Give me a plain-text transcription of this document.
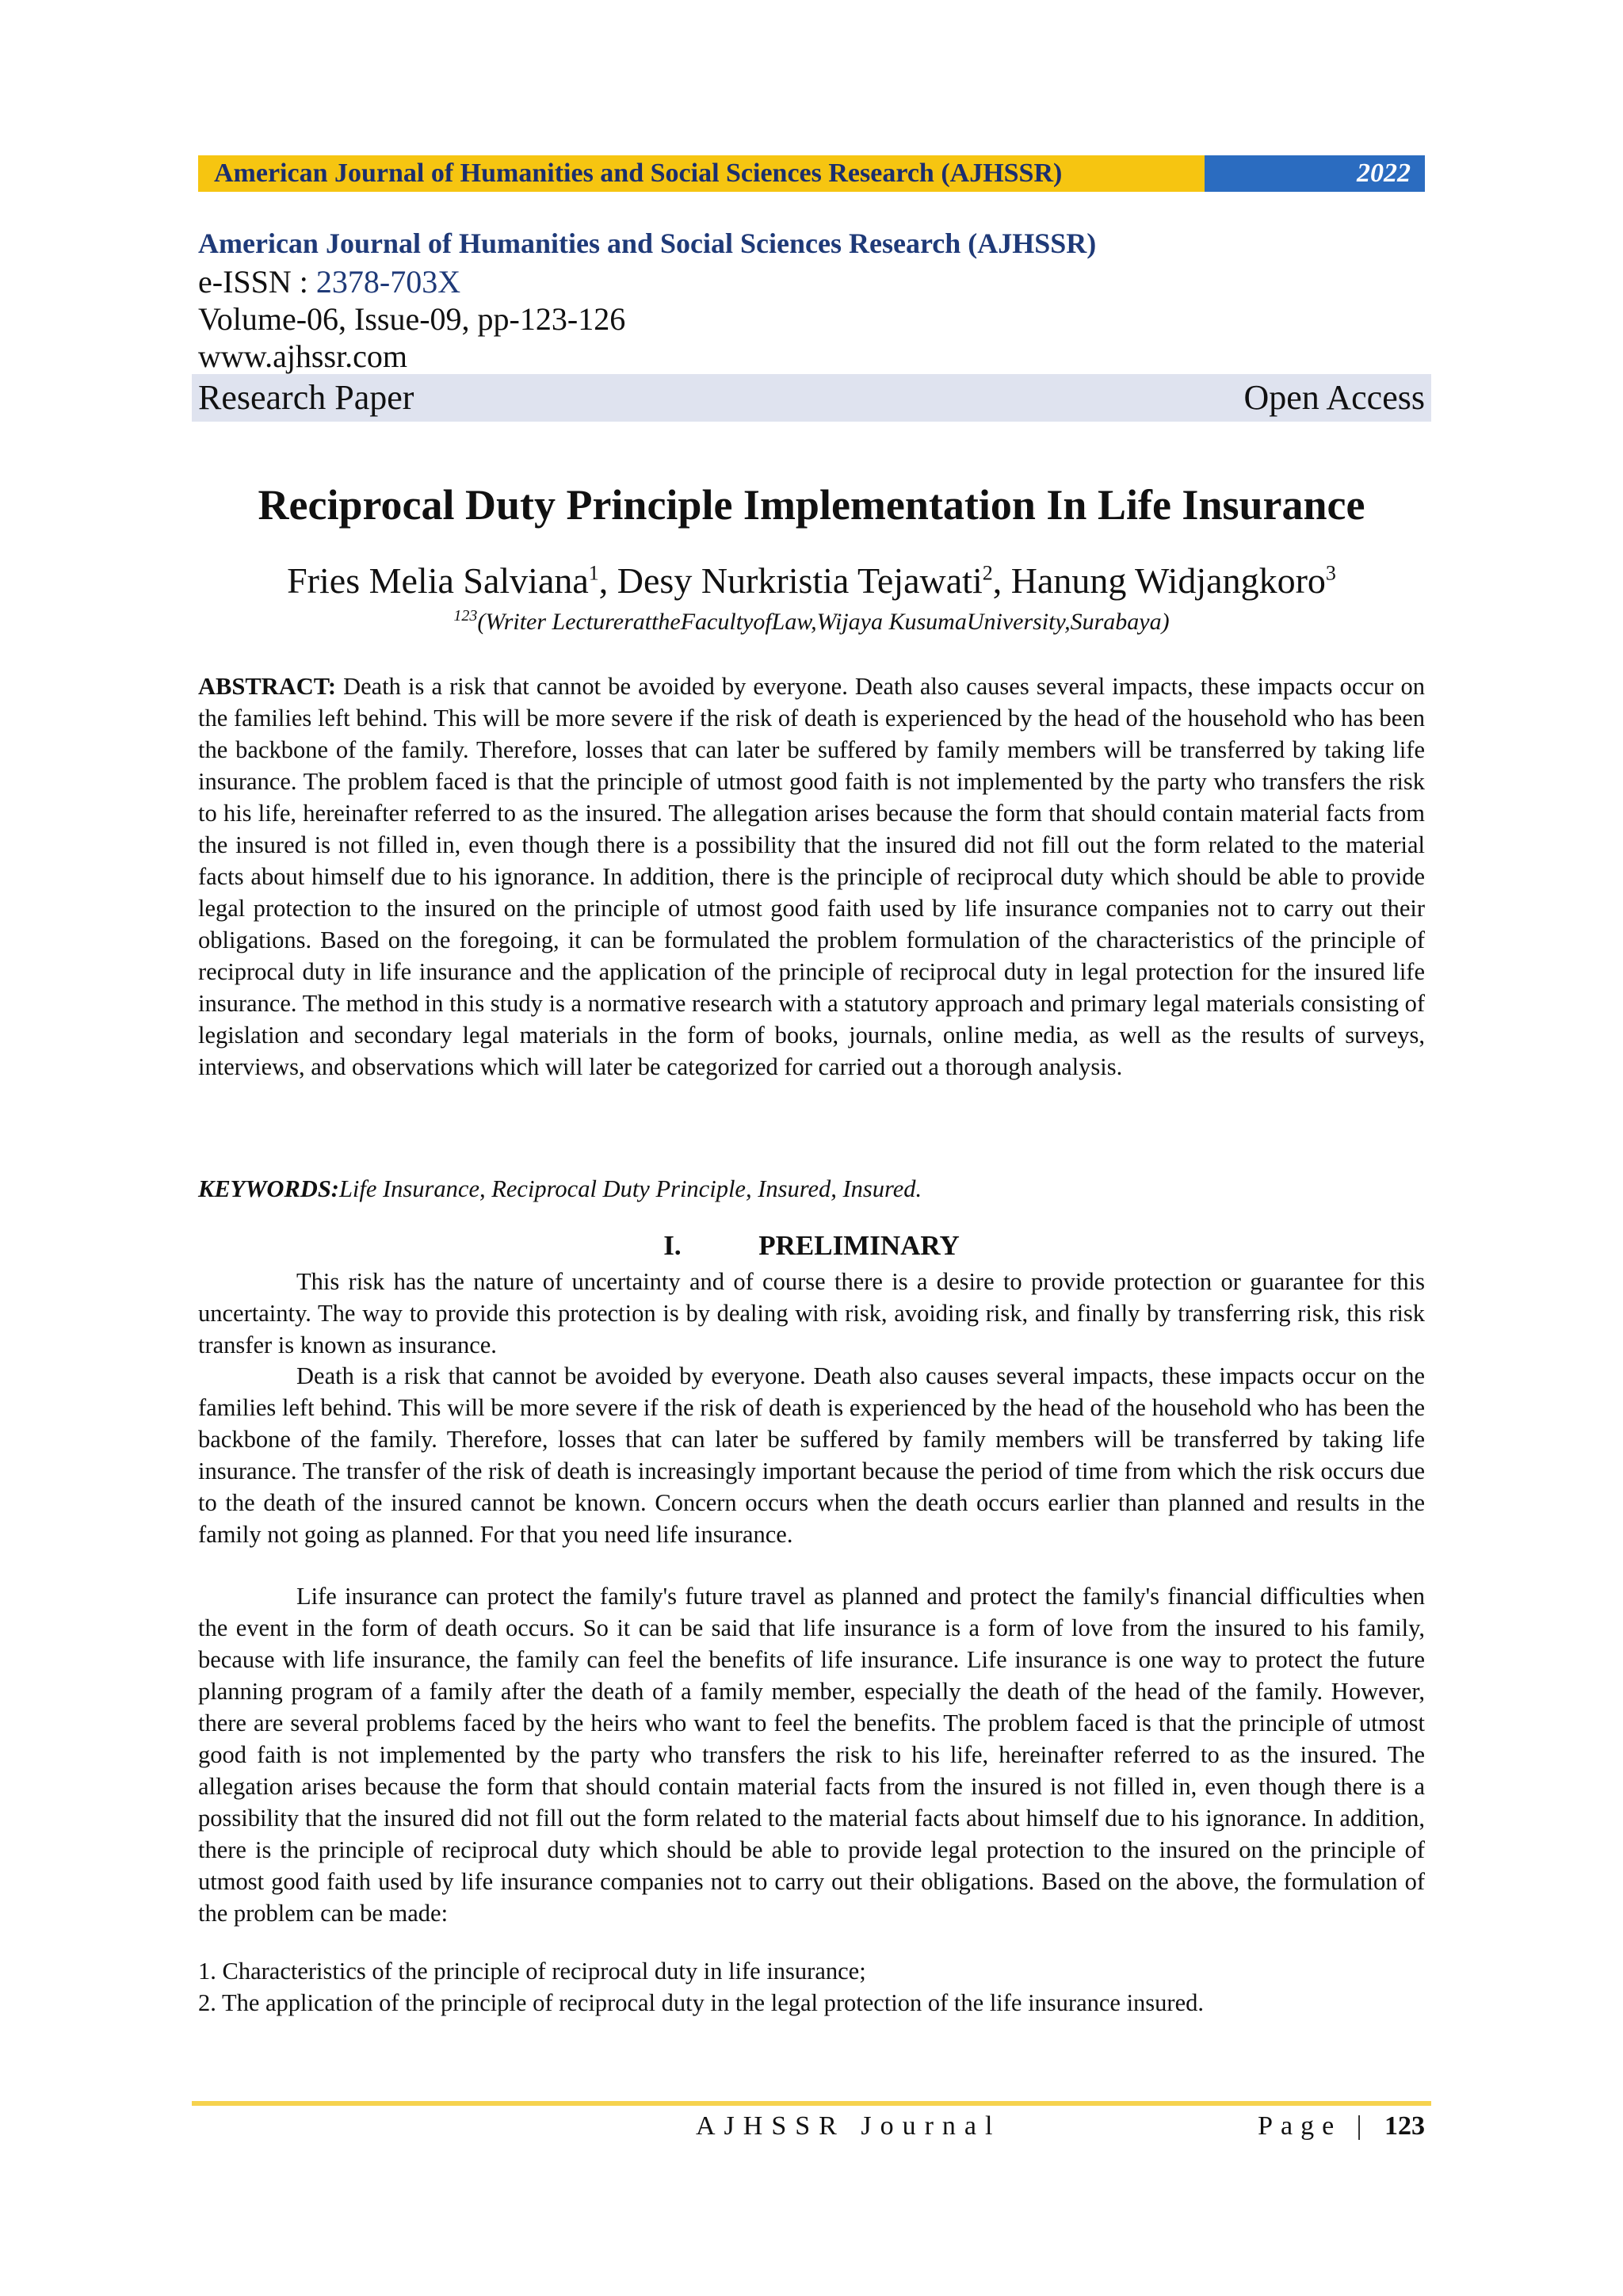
American Journal of Humanities and Social Sciences Research (AJHSSR)	2022
American Journal of Humanities and Social Sciences Research (AJHSSR)
e-ISSN : 2378-703X
Volume-06, Issue-09, pp-123-126
www.ajhssr.com
Research Paper	Open Access
Reciprocal Duty Principle Implementation In Life Insurance
Fries Melia Salviana$^1$, Desy Nurkristia Tejawati$^2$, Hanung Widjangkoro$^3$
$^{123}$(Writer LecturerattheFacultyofLaw,Wijaya KusumaUniversity,Surabaya)
ABSTRACT: Death is a risk that cannot be avoided by everyone. Death also causes several impacts, these impacts occur on the families left behind. This will be more severe if the risk of death is experienced by the head of the household who has been the backbone of the family. Therefore, losses that can later be suffered by family members will be transferred by taking life insurance. The problem faced is that the principle of utmost good faith is not implemented by the party who transfers the risk to his life, hereinafter referred to as the insured. The allegation arises because the form that should contain material facts from the insured is not filled in, even though there is a possibility that the insured did not fill out the form related to the material facts about himself due to his ignorance. In addition, there is the principle of reciprocal duty which should be able to provide legal protection to the insured on the principle of utmost good faith used by life insurance companies not to carry out their obligations. Based on the foregoing, it can be formulated the problem formulation of the characteristics of the principle of reciprocal duty in life insurance and the application of the principle of reciprocal duty in legal protection for the insured life insurance. The method in this study is a normative research with a statutory approach and primary legal materials consisting of legislation and secondary legal materials in the form of books, journals, online media, as well as the results of surveys, interviews, and observations which will later be categorized for carried out a thorough analysis.
KEYWORDS:Life Insurance, Reciprocal Duty Principle, Insured, Insured.
I.	PRELIMINARY
This risk has the nature of uncertainty and of course there is a desire to provide protection or guarantee for this uncertainty. The way to provide this protection is by dealing with risk, avoiding risk, and finally by transferring risk, this risk transfer is known as insurance.
Death is a risk that cannot be avoided by everyone. Death also causes several impacts, these impacts occur on the families left behind. This will be more severe if the risk of death is experienced by the head of the household who has been the backbone of the family. Therefore, losses that can later be suffered by family members will be transferred by taking life insurance. The transfer of the risk of death is increasingly important because the period of time from which the risk occurs due to the death of the insured cannot be known. Concern occurs when the death occurs earlier than planned and results in the family not going as planned. For that you need life insurance.
Life insurance can protect the family's future travel as planned and protect the family's financial difficulties when the event in the form of death occurs. So it can be said that life insurance is a form of love from the insured to his family, because with life insurance, the family can feel the benefits of life insurance. Life insurance is one way to protect the future planning program of a family after the death of a family member, especially the death of the head of the family. However, there are several problems faced by the heirs who want to feel the benefits. The problem faced is that the principle of utmost good faith is not implemented by the party who transfers the risk to his life, hereinafter referred to as the insured. The allegation arises because the form that should contain material facts from the insured is not filled in, even though there is a possibility that the insured did not fill out the form related to the material facts about himself due to his ignorance. In addition, there is the principle of reciprocal duty which should be able to provide legal protection to the insured on the principle of utmost good faith used by life insurance companies not to carry out their obligations. Based on the above, the formulation of the problem can be made:
1. Characteristics of the principle of reciprocal duty in life insurance;
2. The application of the principle of reciprocal duty in the legal protection of the life insurance insured.
AJHSSR Journal	Page | 123
